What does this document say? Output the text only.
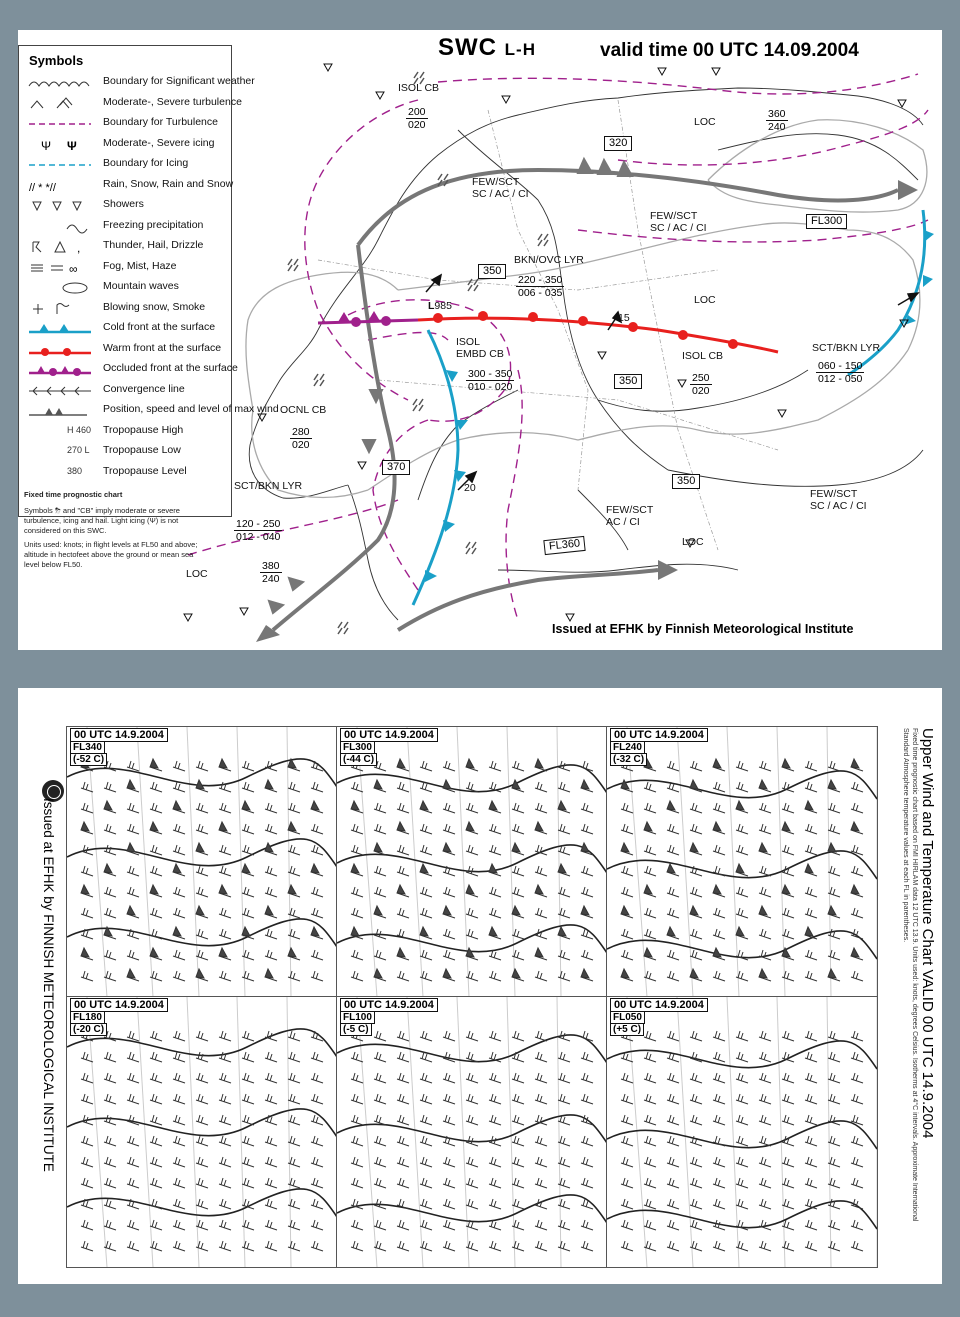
Symbols
Boundary for Significant weather
Moderate-, Severe turbulence
Boundary for Turbulence
Ψ Ψ	Moderate-, Severe icing
Boundary for Icing
// * *//	Rain, Snow, Rain and Snow
Showers
Freezing precipitation
, Thunder, Hail, Drizzle
∞ Fog, Mist, Haze
Mountain waves
Blowing snow, Smoke
Cold front at the surface
Warm front at the surface
Occluded front at the surface
Convergence line
Position, speed and level of max wind
H 460	Tropopause High
270 L	Tropopause Low
380	Tropopause Level
Fixed time prognostic chart
Symbols ⛈ and "CB" imply moderate or severe turbulence, icing and hail. Light icing (Ψ) is not considered on this SWC.
Units used: knots; in flight levels at FL50 and above; altitude in hectofeet above the ground or mean sea level below FL50.
SWC L-H	valid time 00 UTC 14.09.2004
Issued at EFHK by Finnish Meteorological Institute
ISOL CB
200
020	LOC
360
240
320
FEW/SCT
SC / AC / CI
FEW/SCT
SC / AC / CI
FL300
350
BKN/OVC LYR
220 - 350
006 - 035
L985
15
LOC
ISOL
EMBD CB
300 - 350
010 - 020	350
ISOL CB
250
020
SCT/BKN LYR
060 - 150
012 - 050
OCNL CB
280
020
370
20
350
SCT/BKN LYR
120 - 250
012 - 040
FEW/SCT
AC / CI
LOC
FEW/SCT
SC / AC / CI
FL360
LOC
380
240
Issued at EFHK by FINNISH METEOROLOGICAL INSTITUTE	Upper Wind and Temperature Chart VALID 00 UTC 14.9.2004
Fixed time prognostic chart based on FMI HIRLAM data 12 UTC 13.9. Units used: knots, degrees Celsius. Isotherms at 4°C intervals. Approximate International Standard Atmosphere temperature values at each FL in parentheses.
00 UTC 14.9.2004
FL340
(-52 C)
00 UTC 14.9.2004
FL300
(-44 C)
00 UTC 14.9.2004
FL240
(-32 C)
00 UTC 14.9.2004
FL180
(-20 C)
00 UTC 14.9.2004
FL100
(-5 C)
00 UTC 14.9.2004
FL050
(+5 C)
